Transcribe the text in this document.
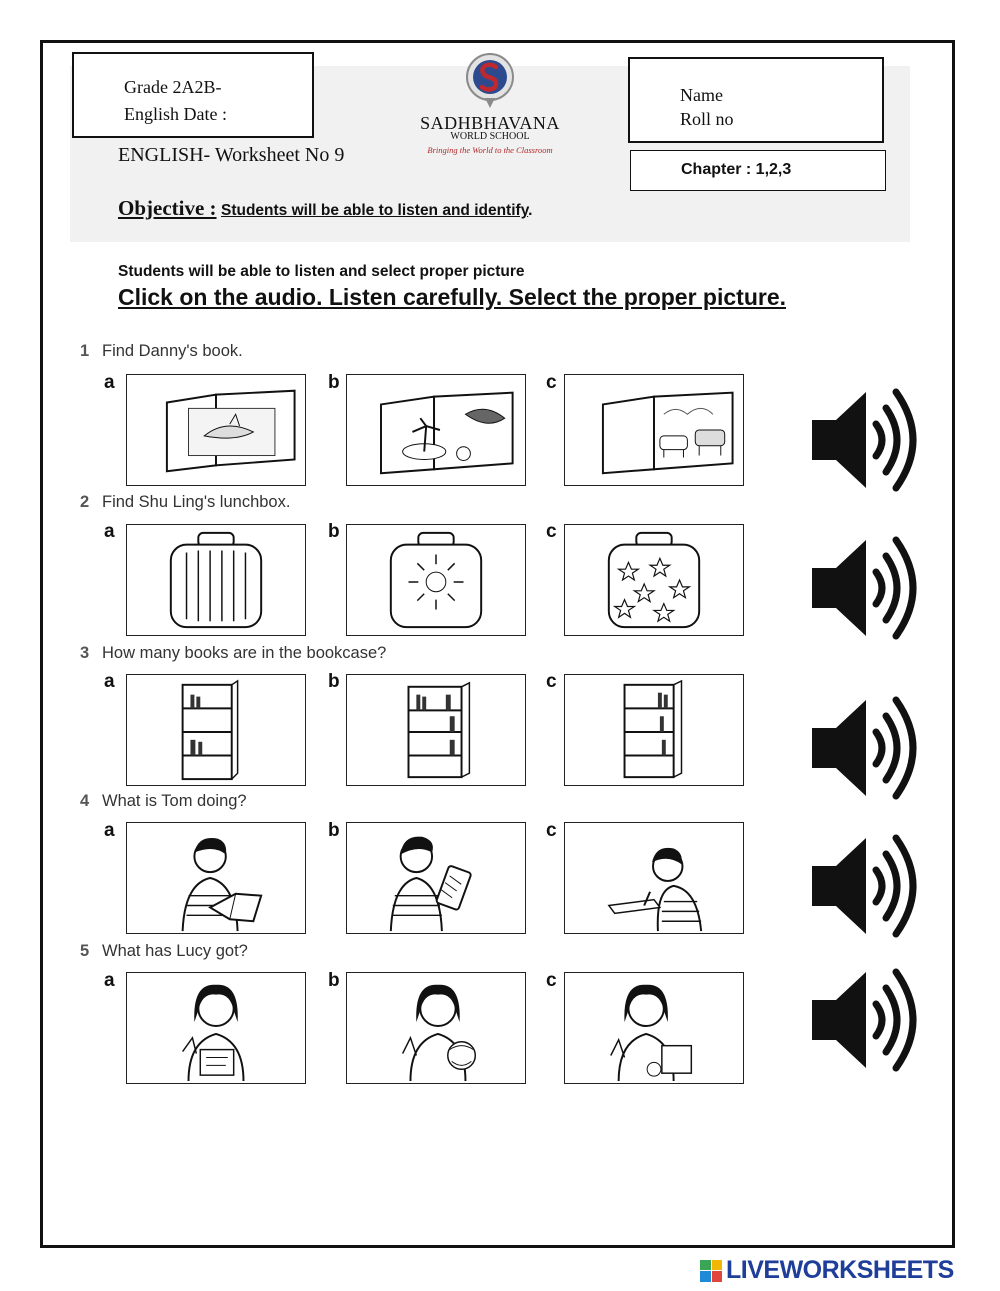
Grade 2A2B-
English Date :	SADHBHAVANA
WORLD SCHOOL
Bringing the World to the Classroom
Name
Roll no
Chapter : 1,2,3
ENGLISH- Worksheet No 9
Objective : Students will be able to listen and identify.
Students will be able to listen and select proper picture
Click on the audio. Listen carefully. Select the proper picture.
1 Find Danny's book.
a	b	c
2 Find Shu Ling's lunchbox.
a	b	c
3 How many books are in the bookcase?
a	b	c
4 What is Tom doing?
a	b	c
5 What has Lucy got?
a	b	c
LIVEWORKSHEETS
